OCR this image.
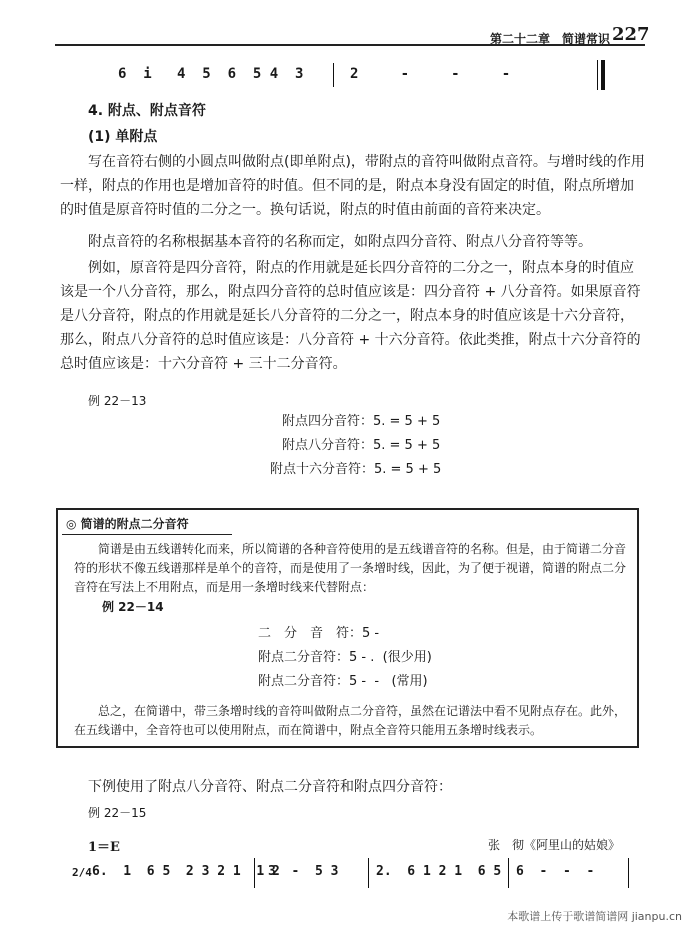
第二十二章　简谱常识 227
6  i   4  5  6  5 4  3	2     -     -     -
4. 附点、附点音符
(1) 单附点
写在音符右侧的小圆点叫做附点(即单附点)，带附点的音符叫做附点音符。与增时线的作用一样，附点的作用也是增加音符的时值。但不同的是，附点本身没有固定的时值，附点所增加的时值是原音符时值的二分之一。换句话说，附点的时值由前面的音符来决定。
附点音符的名称根据基本音符的名称而定，如附点四分音符、附点八分音符等等。
例如，原音符是四分音符，附点的作用就是延长四分音符的二分之一，附点本身的时值应该是一个八分音符，那么，附点四分音符的总时值应该是：四分音符 + 八分音符。如果原音符是八分音符，附点的作用就是延长八分音符的二分之一，附点本身的时值应该是十六分音符，那么，附点八分音符的总时值应该是：八分音符 + 十六分音符。依此类推，附点十六分音符的总时值应该是：十六分音符 + 三十二分音符。
例 22－13
附点四分音符：5. = 5 + 5
附点八分音符：5. = 5 + 5
附点十六分音符：5. = 5 + 5
◎ 简谱的附点二分音符
简谱是由五线谱转化而来，所以简谱的各种音符使用的是五线谱音符的名称。但是，由于简谱二分音符的形状不像五线谱那样是单个的音符，而是使用了一条增时线，因此，为了便于视谱，简谱的附点二分音符在写法上不用附点，而是用一条增时线来代替附点：
例 22－14
二　分　音　符：5 -
附点二分音符：5 - .  (很少用)
附点二分音符：5 -  -   (常用)
总之，在简谱中，带三条增时线的音符叫做附点二分音符，虽然在记谱法中看不见附点存在。此外，在五线谱中，全音符也可以使用附点，而在简谱中，附点全音符只能用五条增时线表示。
下例使用了附点八分音符、附点二分音符和附点四分音符：
例 22－15
1＝E	张　彻《阿里山的姑娘》
2/4 6.  1  6 5  2 3 2 1  1 2
3  -  5 3	2.  6 1 2 1  6 5 6  -  -  -
本歌谱上传于歌谱简谱网 jianpu.cn
